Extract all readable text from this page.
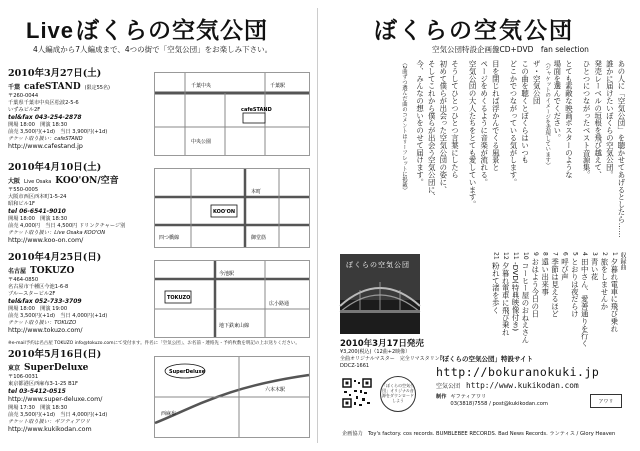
Liveぼくらの空気公団
4人編成から7人編成まで、4つの街で「空気公団」をお楽しみ下さい。
2010年3月27日(土)
千葉 cafeSTAND (限定55名)
〒260-0044
千葉県千葉市中央区松波2-5-6
いずみビル2F
tel&fax 043-254-2878
開場 18:00　開演 18:30
前売 3,500円(+1d)　当日 3,900円(+1d)
チケット取り扱い：cafeSTAND
http://www.cafestand.jp
2010年4月10日(土)
大阪 Live Osaka KOO'ON/空音
〒550-0005
大阪市西区西本町1-5-24
昭和ビル1F
tel 06-6541-9010
開場 18:00　開演 18:30
前売 4,000円　当日 4,500円 ドリンクチャージ別
チケット取り扱い：Live Osaka KOO'ON
http://www.koo-on.com/
2010年4月25日(日)
名古屋 TOKUZO
〒464-0850
名古屋市千種区今池1-6-8
ブルースタービル2F
tel&fax 052-733-3709
開場 18:00　開演 19:00
前売 3,500円(+1d)　当日 4,000円(+1d)
チケット取り扱い：TOKUZO
http://www.tokuzo.com/
※e-mail予約は名古屋 TOKUZO info@tokuzo.comにて受付ます。件名に「空気公団」、お名前・連絡先・予約枚数を明記の上お送りください。
2010年5月16日(日)
東京 SuperDeluxe
〒106-0031
東京都港区西麻布3-1-25 B1F
tel 03-5412-0515
http://www.super-deluxe.com/
開場 17:30　開演 18:30
前売 3,500円(+1d)　当日 4,000円(+1d)
チケット取り扱い：ギフティアワリ
http://www.kukikodan.com
千葉中央
cafeSTAND
千葉駅
中央公園
KOO'ON
本町
四つ橋線	御堂筋
TOKUZO
今池駅
広小路通
地下鉄東山線
SuperDeluxe
六本木駅
西麻布
ぼくらの空気公団
空気公団特設企画盤CD+DVD　fan selection
あの人に「空気公団」を聴かせてあげるとしたら……
誰かに届けたいぼくらの空気公団。
発売レーベルの垣根を飛び越えて、
ひとつにつながったベスト音源集。
とても素敵な映画ポスターのような
場面を選んでください。
（ジャケットのイメージを表現しています）
ザ・空気公団
この曲を聴くとぼくらはいつも
どこかでつながっている気がします。
目を閉じれば浮かんでくる風景と
ページをめくるように音楽が流れる。
空気公団の大人たちをとても愛しています。
そうしてひとつひとつ言葉にしたら
初めて僕らが出会った空気公団の姿に、
そしてこれから僕らが出会う空気公団に、
今、みんなの想いをのせて届けます。
（2曲ずつ選んだ曲のコメントはリーフレットに掲載）
収録曲
1 夕暮れ電車に飛び乗れ
2 旅をしませんか
3 青い花
4 田中さん、愛善通りを行く
5 とおりは夜だらけ
6 呼び声
7 季節は見えるほど
8 遠い出来事
9 おはよう今日の日
10 コーヒー屋のおねえさん
11 -DVD(特典映像付き)
12 夕暮れ電車に飛び乗れ
21 粉れて渚を歩く
ぼくらの空気公団
2010年3月17日発売
¥3,200(税込)（12曲+2映像）
全曲オリジナルマスター　完全リマスタリング
DDCZ-1661
「ぼくらの空気公団」オリジナル音源をダウンロードしよう
「ぼくらの空気公団」特設サイト
http://bokuranokuki.jp
空気公団 http://www.kukikodan.com
制作 ギフティアワリ
03(3818)7558 / post@kukikodan.com	アワリ
企画協力　Toy's factory. cos records. BUMBLEBEE RECORDS. Bad News Records. ランティス / Glory Heaven
